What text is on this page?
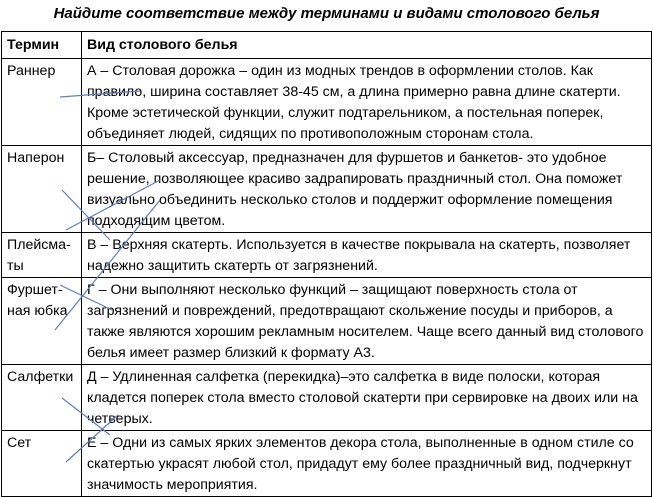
Найдите соответствие между терминами и видами столового белья
Термин	Вид столового белья
Раннер	А – Столовая дорожка – один из модных трендов в оформлении столов. Как правило, ширина составляет 38-45 см, а длина примерно равна длине скатерти. Кроме эстетической функции, служит подтарельником, а постельная поперек, объединяет людей, сидящих по противоположным сторонам стола.
Наперон	Б– Столовый аксессуар, предназначен для фуршетов и банкетов- это удобное решение, позволяющее красиво задрапировать праздничный стол. Она поможет визуально объединить несколько столов и поддержит оформление помещения подходящим цветом.

Плейсма-
ты	В – Верхняя скатерть. Используется в качестве покрывала на скатерть, позволяет надежно защитить скатерть от загрязнений.

Фуршет-
ная юбка	Г – Они выполняют несколько функций – защищают поверхность стола от загрязнений и повреждений, предотвращают скольжение посуды и приборов, а также являются хорошим рекламным носителем. Чаще всего данный вид столового белья имеет размер близкий к формату А3.
Салфетки	Д – Удлиненная салфетка (перекидка)–это салфетка в виде полоски, которая кладется поперек стола вместо столовой скатерти при сервировке на двоих или на четверых.
Сет	Е – Одни из самых ярких элементов декора стола, выполненные в одном стиле со скатертью украсят любой стол, придадут ему более праздничный вид, подчеркнут значимость мероприятия.
